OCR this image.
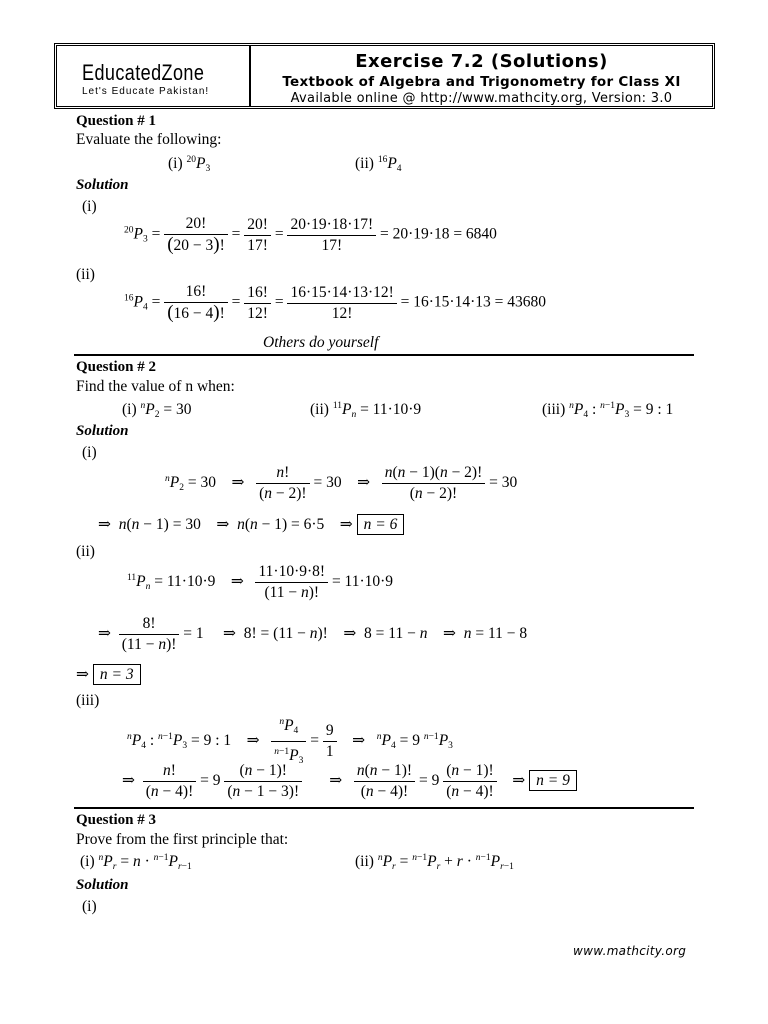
EducatedZone
Let's Educate Pakistan!
Exercise 7.2 (Solutions)
Textbook of Algebra and Trigonometry for Class XI
Available online @ http://www.mathcity.org, Version: 3.0
Question # 1
Evaluate the following:
(i) $^{20}P_3$	(ii) $^{16}P_4$
Solution
(i)
$^{20}P_3 = \frac{20!}{(20 - 3)!} = \frac{20!}{17!} = \frac{20\cdot 19\cdot 18\cdot 17!}{17!} = 20\cdot 19\cdot 18 = 6840$
(ii)
$^{16}P_4 = \frac{16!}{(16 - 4)!} = \frac{16!}{12!} = \frac{16\cdot 15\cdot 14\cdot 13\cdot 12!}{12!} = 16\cdot 15\cdot 14\cdot 13 = 43680$
Others do yourself
Question # 2
Find the value of n when:
(i) $^nP_2 = 30$	(ii) $^{11}P_n = 11\cdot 10\cdot 9$	(iii) $^nP_4$ : $^{n-1}P_3 = 9$ : 1
Solution
(i)
$^nP_2 = 30$    ⇒ $\frac{n!}{(n - 2)!} = 30$    ⇒ $\frac{n(n - 1)(n - 2)!}{(n - 2)!} = 30$
⇒  n(n − 1) = 30    ⇒  n(n − 1) = 6·5    ⇒ n = 6
(ii)
$^{11}P_n = 11\cdot 10\cdot 9$    ⇒ $\frac{11\cdot 10\cdot 9\cdot 8!}{(11 - n)!} = 11\cdot 10\cdot 9$
⇒ $\frac{8!}{(11 - n)!} = 1$     ⇒  8! = (11 − n)!    ⇒  8 = 11 − n    ⇒  n = 11 − 8
⇒ n = 3
(iii)
$^nP_4$ : $^{n-1}P_3 = 9$ : 1    ⇒ $\frac{^nP_4}{^{n-1}P_3} = \frac{9}{1}$ ⇒   $^nP_4 = 9$ $^{n-1}P_3$
⇒ $\frac{n!}{(n - 4)!} = 9 \frac{(n - 1)!}{(n - 1 - 3)!}$ ⇒ $\frac{n(n - 1)!}{(n - 4)!} = 9 \frac{(n - 1)!}{(n - 4)!}$ ⇒ n = 9
Question # 3
Prove from the first principle that:
(i) $^nP_r = n \cdot ^{n-1}P_{r-1}$	(ii) $^nP_r = ^{n-1}P_r + r \cdot ^{n-1}P_{r-1}$
Solution
(i)
www.mathcity.org
